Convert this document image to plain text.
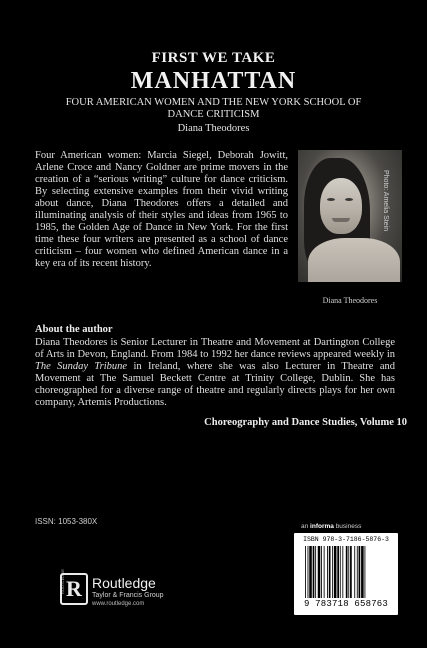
FIRST WE TAKE
MANHATTAN
FOUR AMERICAN WOMEN AND THE NEW YORK SCHOOL OF DANCE CRITICISM
Diana Theodores
Four American women: Marcia Siegel, Deborah Jowitt, Arlene Croce and Nancy Goldner are prime movers in the creation of a “serious writing” culture for dance criticism. By selecting extensive examples from their vivid writing about dance, Diana Theodores offers a detailed and illuminating analysis of their styles and ideas from 1965 to 1985, the Golden Age of Dance in New York. For the first time these four writers are presented as a school of dance criticism – four women who defined American dance in a key era of its recent history.
Photo: Amelia Stein
Diana Theodores
About the author
Diana Theodores is Senior Lecturer in Theatre and Movement at Dartington College of Arts in Devon, England. From 1984 to 1992 her dance reviews appeared weekly in The Sunday Tribune in Ireland, where she was also Lecturer in Theatre and Movement at The Samuel Beckett Centre at Trinity College, Dublin. She has choreographed for a diverse range of theatre and regularly directs plays for her own company, Artemis Productions.
Choreography and Dance Studies, Volume 10
ISSN: 1053-380X
ROUTLEDGE R Routledge
Taylor & Francis Group
www.routledge.com
an informa business
ISBN 978-3-7186-5876-3
9 783718 658763
